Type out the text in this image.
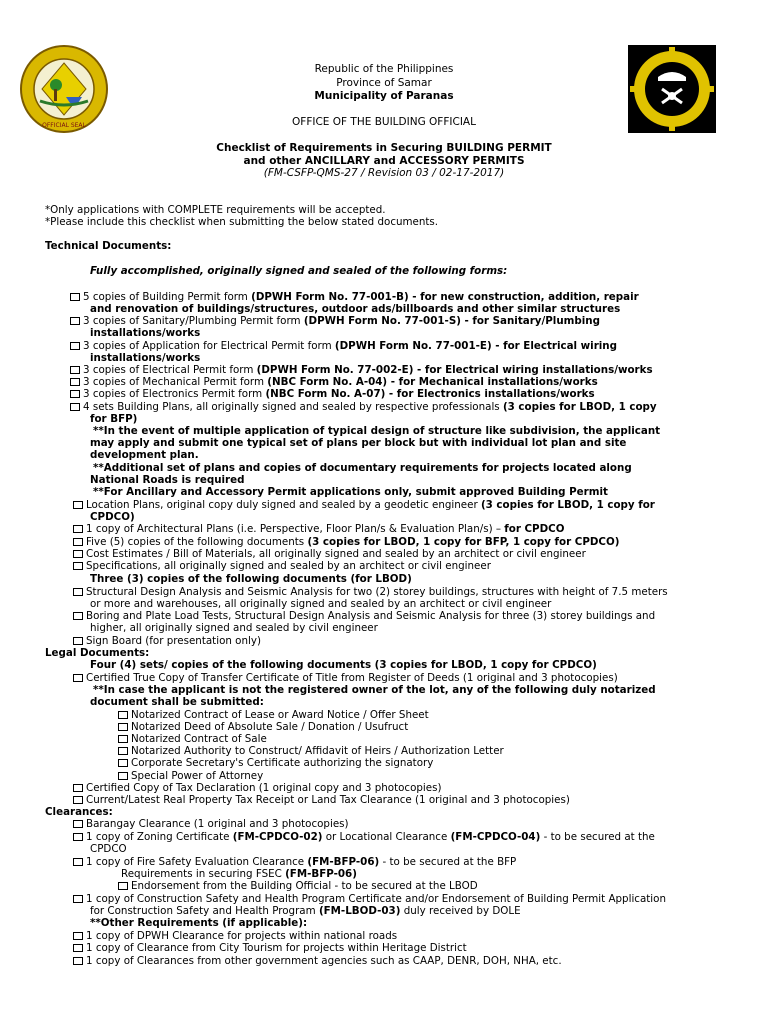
OFFICIAL SEAL
Republic of the Philippines
Province of Samar
Municipality of Paranas
OFFICE OF THE BUILDING OFFICIAL
Checklist of Requirements in Securing BUILDING PERMIT
and other ANCILLARY and ACCESSORY PERMITS
(FM-CSFP-QMS-27 / Revision 03 / 02-17-2017)
*Only applications with COMPLETE requirements will be accepted.
*Please include this checklist when submitting the below stated documents.
Technical Documents:
Fully accomplished, originally signed and sealed of the following forms:
5 copies of Building Permit form (DPWH Form No. 77-001-B) - for new construction, addition, repair
and renovation of buildings/structures, outdoor ads/billboards and other similar structures
3 copies of Sanitary/Plumbing Permit form (DPWH Form No. 77-001-S) - for Sanitary/Plumbing
installations/works
3 copies of Application for Electrical Permit form (DPWH Form No. 77-001-E) - for Electrical wiring
installations/works
3 copies of Electrical Permit form (DPWH Form No. 77-002-E) - for Electrical wiring installations/works
3 copies of Mechanical Permit form (NBC Form No. A-04) - for Mechanical installations/works
3 copies of Electronics Permit form (NBC Form No. A-07) - for Electronics installations/works
4 sets Building Plans, all originally signed and sealed by respective professionals (3 copies for LBOD, 1 copy
for BFP)
**In the event of multiple application of typical design of structure like subdivision, the applicant
may apply and submit one typical set of plans per block but with individual lot plan and site
development plan.
**Additional set of plans and copies of documentary requirements for projects located along
National Roads is required
**For Ancillary and Accessory Permit applications only, submit approved Building Permit
Location Plans, original copy duly signed and sealed by a geodetic engineer (3 copies for LBOD, 1 copy for
CPDCO)
1 copy of Architectural Plans (i.e. Perspective, Floor Plan/s & Evaluation Plan/s) – for CPDCO
Five (5) copies of the following documents (3 copies for LBOD, 1 copy for BFP, 1 copy for CPDCO)
Cost Estimates / Bill of Materials, all originally signed and sealed by an architect or civil engineer
Specifications, all originally signed and sealed by an architect or civil engineer
Three (3) copies of the following documents (for LBOD)
Structural Design Analysis and Seismic Analysis for two (2) storey buildings, structures with height of 7.5 meters
or more and warehouses, all originally signed and sealed by an architect or civil engineer
Boring and Plate Load Tests, Structural Design Analysis and Seismic Analysis for three (3) storey buildings and
higher, all originally signed and sealed by civil engineer
Sign Board (for presentation only)
Legal Documents:
Four (4) sets/ copies of the following documents (3 copies for LBOD, 1 copy for CPDCO)
Certified True Copy of Transfer Certificate of Title from Register of Deeds (1 original and 3 photocopies)
**In case the applicant is not the registered owner of the lot, any of the following duly notarized
document shall be submitted:
Notarized Contract of Lease or Award Notice / Offer Sheet
Notarized Deed of Absolute Sale / Donation / Usufruct
Notarized Contract of Sale
Notarized Authority to Construct/ Affidavit of Heirs / Authorization Letter
Corporate Secretary's Certificate authorizing the signatory
Special Power of Attorney
Certified Copy of Tax Declaration (1 original copy and 3 photocopies)
Current/Latest Real Property Tax Receipt or Land Tax Clearance (1 original and 3 photocopies)
Clearances:
Barangay Clearance (1 original and 3 photocopies)
1 copy of Zoning Certificate (FM-CPDCO-02) or Locational Clearance (FM-CPDCO-04) - to be secured at the
CPDCO
1 copy of Fire Safety Evaluation Clearance (FM-BFP-06) - to be secured at the BFP
Requirements in securing FSEC (FM-BFP-06)
Endorsement from the Building Official - to be secured at the LBOD
1 copy of Construction Safety and Health Program Certificate and/or Endorsement of Building Permit Application
for Construction Safety and Health Program (FM-LBOD-03) duly received by DOLE
**Other Requirements (if applicable):
1 copy of DPWH Clearance for projects within national roads
1 copy of Clearance from City Tourism for projects within Heritage District
1 copy of Clearances from other government agencies such as CAAP, DENR, DOH, NHA, etc.
